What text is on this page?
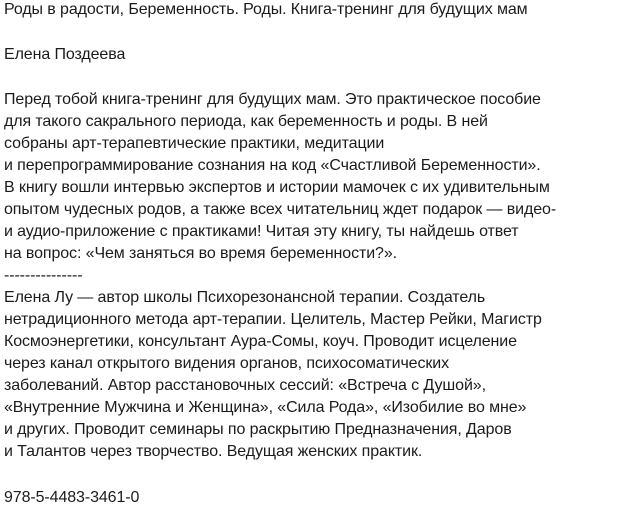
Роды в радости, Беременность. Роды. Книга-тренинг для будущих мам
Елена Поздеева
Перед тобой книга-тренинг для будущих мам. Это практическое пособие
для такого сакрального периода, как беременность и роды. В ней
собраны арт-терапевтические практики, медитации
и перепрограммирование сознания на код «Счастливой Беременности».
В книгу вошли интервью экспертов и истории мамочек с их удивительным
опытом чудесных родов, а также всех читательниц ждет подарок — видео-
и аудио-приложение с практиками! Читая эту книгу, ты найдешь ответ
на вопрос: «Чем заняться во время беременности?».
---------------
Елена Лу — автор школы Психорезонансной терапии. Создатель
нетрадиционного метода арт-терапии. Целитель, Мастер Рейки, Магистр
Космоэнергетики, консультант Аура-Сомы, коуч. Проводит исцеление
через канал открытого видения органов, психосоматических
заболеваний. Автор расстановочных сессий: «Встреча с Душой»,
«Внутренние Мужчина и Женщина», «Сила Рода», «Изобилие во мне»
и других. Проводит семинары по раскрытию Предназначения, Даров
и Талантов через творчество. Ведущая женских практик.
978-5-4483-3461-0
